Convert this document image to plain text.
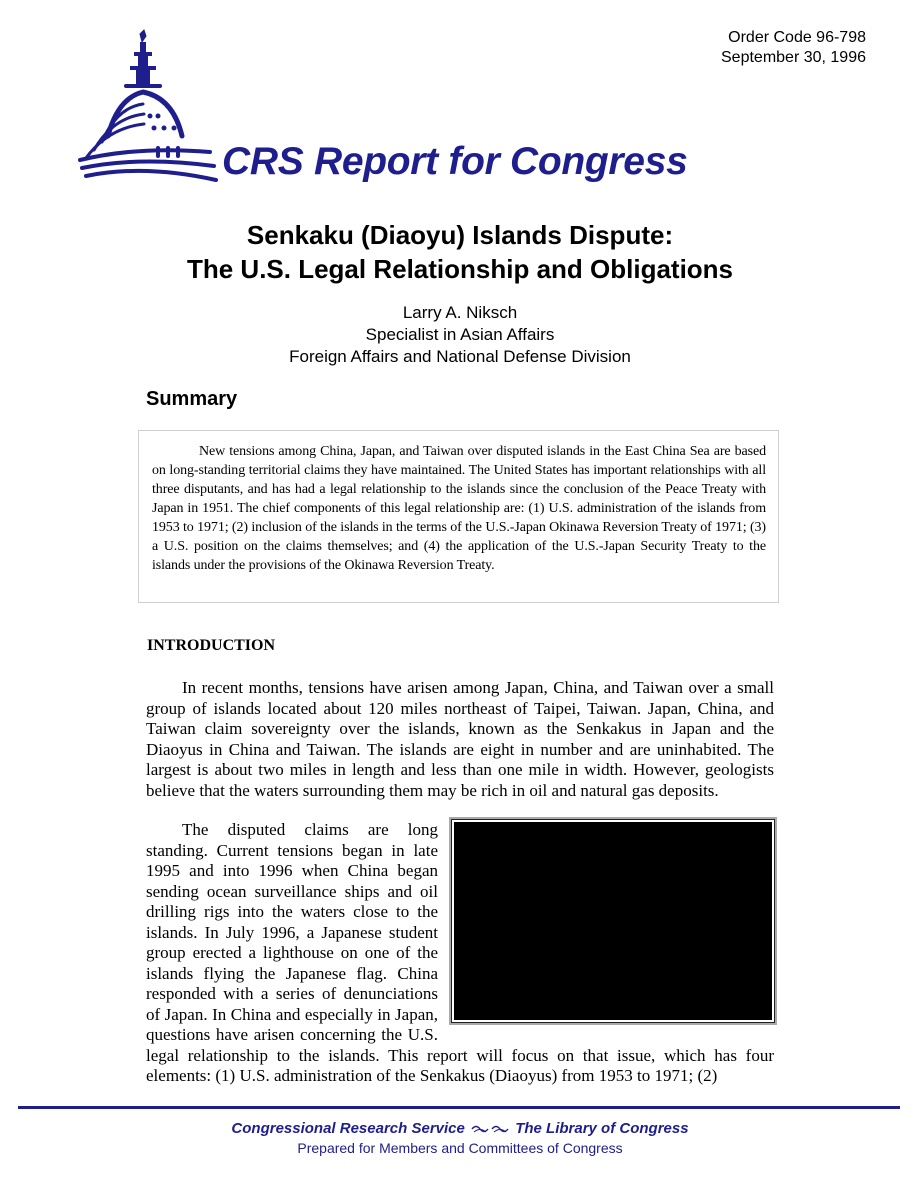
Order Code 96-798
September 30, 1996
CRS Report for Congress
Senkaku (Diaoyu) Islands Dispute:
The U.S. Legal Relationship and Obligations
Larry A. Niksch
Specialist in Asian Affairs
Foreign Affairs and National Defense Division
Summary

New tensions among China, Japan, and Taiwan over disputed islands in the East China Sea are based on long-standing territorial claims they have maintained. The United States has important relationships with all three disputants, and has had a legal relationship to the islands since the conclusion of the Peace Treaty with Japan in 1951. The chief components of this legal relationship are: (1) U.S. administration of the islands from 1953 to 1971; (2) inclusion of the islands in the terms of the U.S.-Japan Okinawa Reversion Treaty of 1971; (3) a U.S. position on the claims themselves; and (4) the application of the U.S.-Japan Security Treaty to the islands under the provisions of the Okinawa Reversion Treaty.

INTRODUCTION

In recent months, tensions have arisen among Japan, China, and Taiwan over a small group of islands located about 120 miles northeast of Taipei, Taiwan. Japan, China, and Taiwan claim sovereignty over the islands, known as the Senkakus in Japan and the Diaoyus in China and Taiwan. The islands are eight in number and are uninhabited. The largest is about two miles in length and less than one mile in width. However, geologists believe that the waters surrounding them may be rich in oil and natural gas deposits.

The disputed claims are long standing. Current tensions began in late 1995 and into 1996 when China began sending ocean surveillance ships and oil drilling rigs into the waters close to the islands. In July 1996, a Japanese student group erected a lighthouse on one of the islands flying the Japanese flag. China responded with a series of denunciations of Japan. In China and especially in Japan, questions have arisen concerning the U.S. legal relationship to the islands. This report will focus on that issue, which has four elements: (1) U.S. administration of the Senkakus (Diaoyus) from 1953 to 1971; (2)

Congressional Research Service	The Library of Congress
Prepared for Members and Committees of Congress
